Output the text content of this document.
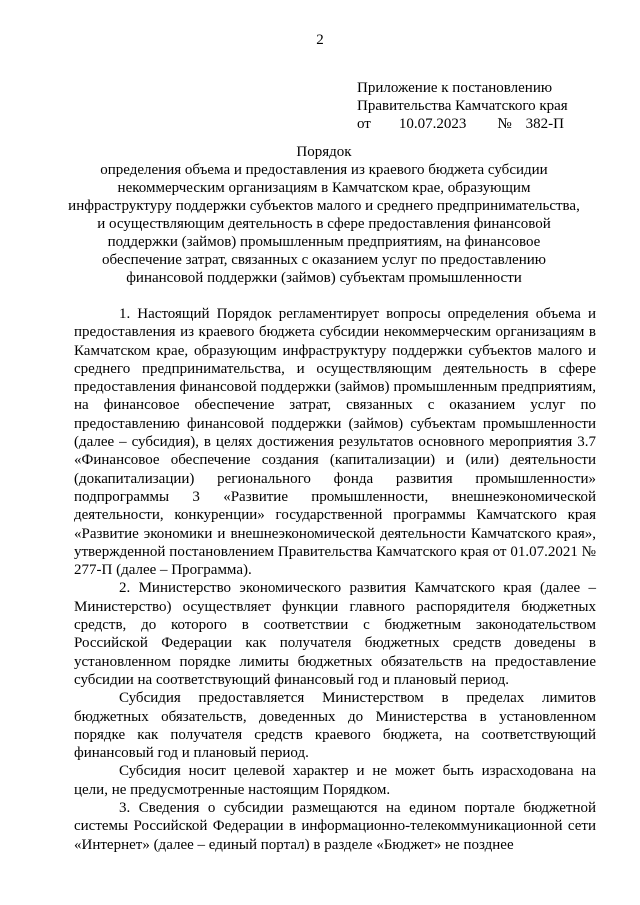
2
Приложение к постановлению
Правительства Камчатского края
от 10.07.2023 № 382-П
Порядок
определения объема и предоставления из краевого бюджета субсидии
некоммерческим организациям в Камчатском крае, образующим
инфраструктуру поддержки субъектов малого и среднего предпринимательства,
и осуществляющим деятельность в сфере предоставления финансовой
поддержки (займов) промышленным предприятиям, на финансовое
обеспечение затрат, связанных с оказанием услуг по предоставлению
финансовой поддержки (займов) субъектам промышленности

1. Настоящий Порядок регламентирует вопросы определения объема и предоставления из краевого бюджета субсидии некоммерческим организациям в Камчатском крае, образующим инфраструктуру поддержки субъектов малого и среднего предпринимательства, и осуществляющим деятельность в сфере предоставления финансовой поддержки (займов) промышленным предприятиям, на финансовое обеспечение затрат, связанных с оказанием услуг по предоставлению финансовой поддержки (займов) субъектам промышленности (далее – субсидия), в целях достижения результатов основного мероприятия 3.7 «Финансовое обеспечение создания (капитализации) и (или) деятельности (докапитализации) регионального фонда развития промышленности» подпрограммы 3 «Развитие промышленности, внешнеэкономической деятельности, конкуренции» государственной программы Камчатского края «Развитие экономики и внешнеэкономической деятельности Камчатского края», утвержденной постановлением Правительства Камчатского края от 01.07.2021 № 277-П (далее – Программа).

2. Министерство экономического развития Камчатского края (далее – Министерство) осуществляет функции главного распорядителя бюджетных средств, до которого в соответствии с бюджетным законодательством Российской Федерации как получателя бюджетных средств доведены в установленном порядке лимиты бюджетных обязательств на предоставление субсидии на соответствующий финансовый год и плановый период.

Субсидия предоставляется Министерством в пределах лимитов бюджетных обязательств, доведенных до Министерства в установленном порядке как получателя средств краевого бюджета, на соответствующий финансовый год и плановый период.

Субсидия носит целевой характер и не может быть израсходована на цели, не предусмотренные настоящим Порядком.

3. Сведения о субсидии размещаются на едином портале бюджетной системы Российской Федерации в информационно-телекоммуникационной сети «Интернет» (далее – единый портал) в разделе «Бюджет» не позднее
